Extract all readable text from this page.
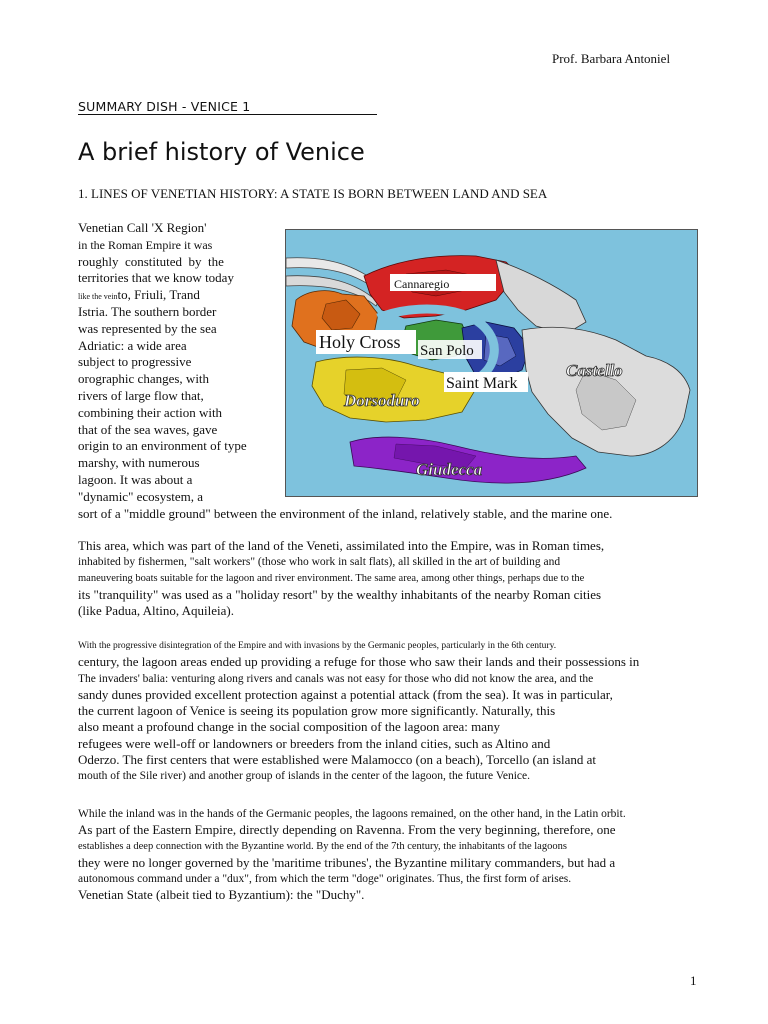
Prof. Barbara Antoniel
SUMMARY DISH - VENICE 1
A brief history of Venice
1. LINES OF VENETIAN HISTORY: A STATE IS BORN BETWEEN LAND AND SEA
Venetian Call 'X Region'
in the Roman Empire it was
roughly  constituted  by  the
territories that we know today
like the veinto, Friuli, Trand
Istria. The southern border
was represented by the sea
Adriatic: a wide area
subject to progressive
orographic changes, with
rivers of large flow that,
combining their action with
that of the sea waves, gave
origin to an environment of type
marshy, with numerous
lagoon. It was about a
"dynamic" ecosystem, a
sort of a "middle ground" between the environment of the inland, relatively stable, and the marine one.
Cannaregio
Holy Cross San Polo
Saint Mark
Castello
Dorsoduro
Giudecca
This area, which was part of the land of the Veneti, assimilated into the Empire, was in Roman times,
inhabited by fishermen, "salt workers" (those who work in salt flats), all skilled in the art of building and
maneuvering boats suitable for the lagoon and river environment. The same area, among other things, perhaps due to the
its "tranquility" was used as a "holiday resort" by the wealthy inhabitants of the nearby Roman cities
(like Padua, Altino, Aquileia).
With the progressive disintegration of the Empire and with invasions by the Germanic peoples, particularly in the 6th century.
century, the lagoon areas ended up providing a refuge for those who saw their lands and their possessions in
The invaders' balia: venturing along rivers and canals was not easy for those who did not know the area, and the
sandy dunes provided excellent protection against a potential attack (from the sea). It was in particular,
the current lagoon of Venice is seeing its population grow more significantly. Naturally, this
also meant a profound change in the social composition of the lagoon area: many
refugees were well-off or landowners or breeders from the inland cities, such as Altino and
Oderzo. The first centers that were established were Malamocco (on a beach), Torcello (an island at
mouth of the Sile river) and another group of islands in the center of the lagoon, the future Venice.
While the inland was in the hands of the Germanic peoples, the lagoons remained, on the other hand, in the Latin orbit.
As part of the Eastern Empire, directly depending on Ravenna. From the very beginning, therefore, one
establishes a deep connection with the Byzantine world. By the end of the 7th century, the inhabitants of the lagoons
they were no longer governed by the 'maritime tribunes', the Byzantine military commanders, but had a
autonomous command under a "dux", from which the term "doge" originates. Thus, the first form of arises.
Venetian State (albeit tied to Byzantium): the "Duchy".
1
